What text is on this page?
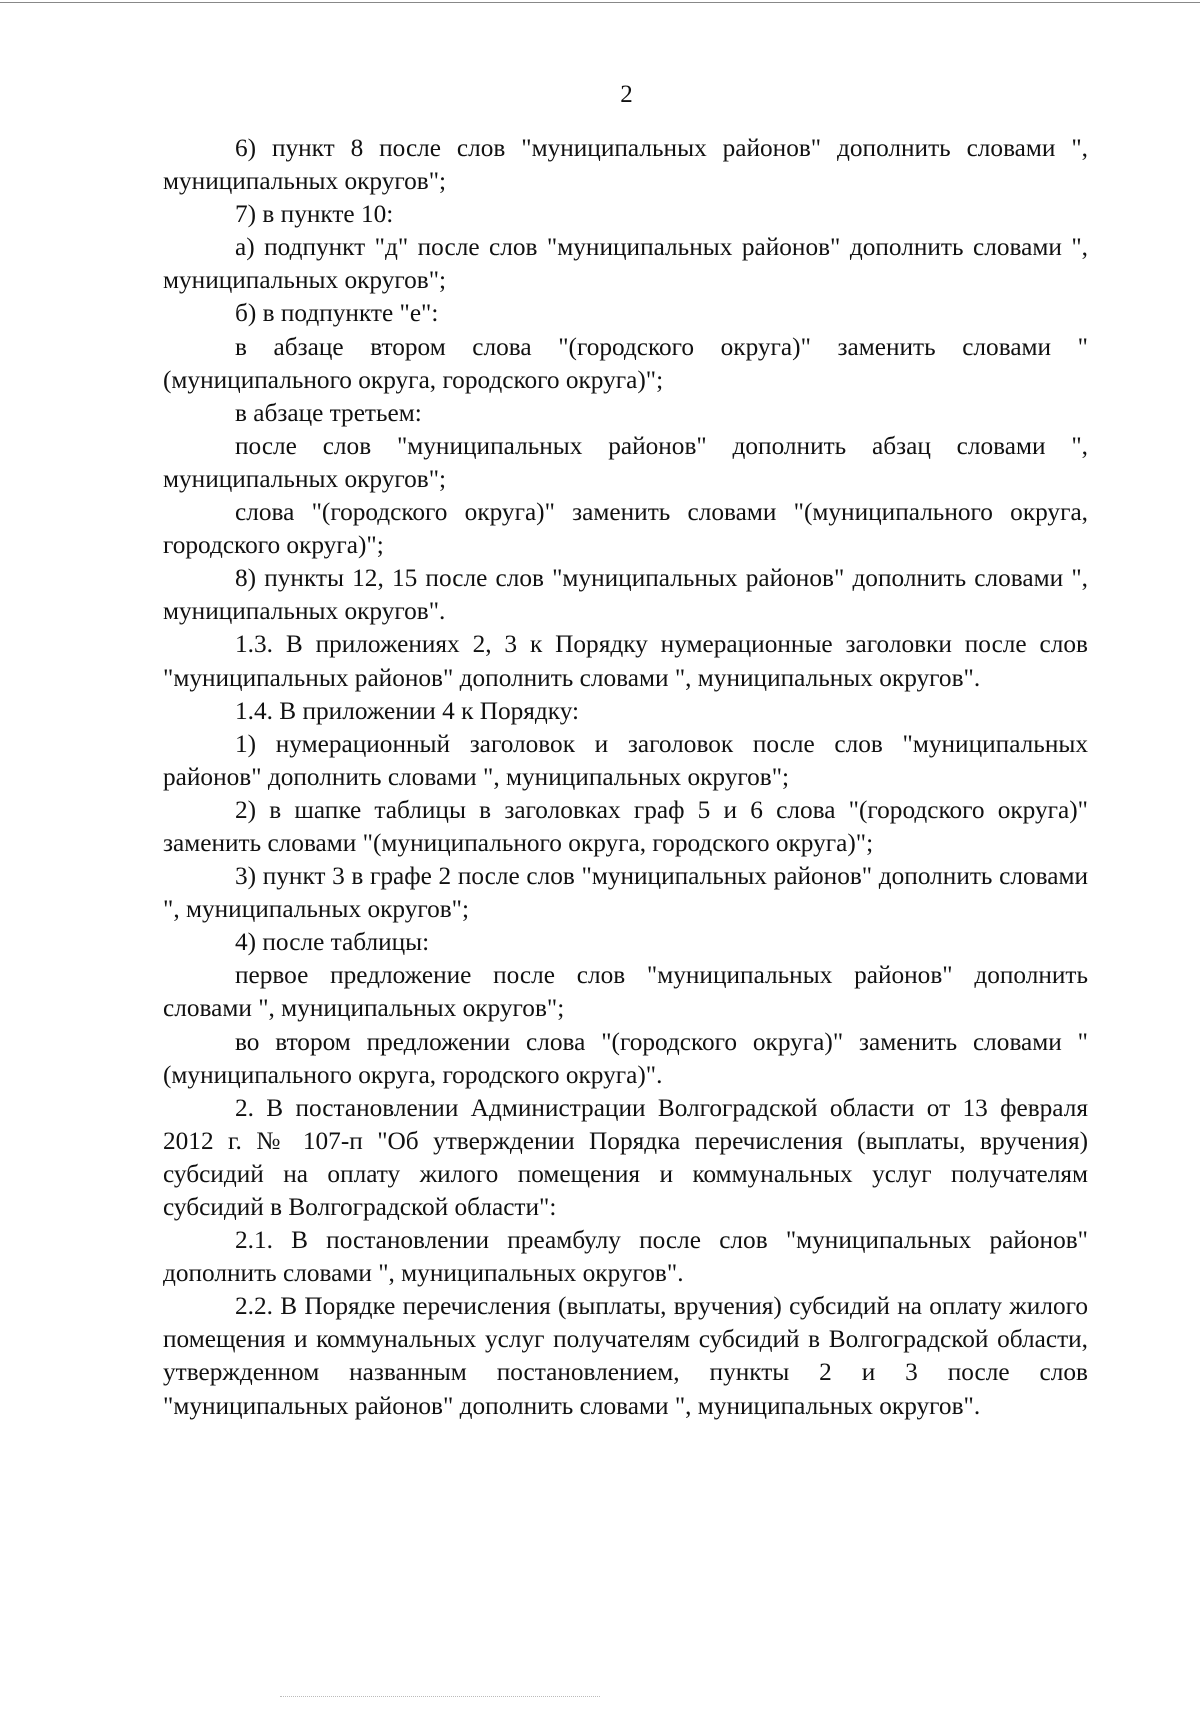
2

6) пункт 8 после слов "муниципальных районов" дополнить словами ", муниципальных округов";

7) в пункте 10:

а) подпункт "д" после слов "муниципальных районов" дополнить словами ", муниципальных округов";

б) в подпункте "е":

в абзаце втором слова "(городского округа)" заменить словами "(муниципального округа, городского округа)";

в абзаце третьем:

после слов "муниципальных районов" дополнить абзац словами ", муниципальных округов";

слова "(городского округа)" заменить словами "(муниципального округа, городского округа)";

8) пункты 12, 15 после слов "муниципальных районов" дополнить словами ", муниципальных округов".

1.3. В приложениях 2, 3 к Порядку нумерационные заголовки после слов "муниципальных районов" дополнить словами ", муниципальных округов".

1.4. В приложении 4 к Порядку:

1) нумерационный заголовок и заголовок после слов "муниципальных районов" дополнить словами ", муниципальных округов";

2) в шапке таблицы в заголовках граф 5 и 6 слова "(городского округа)" заменить словами "(муниципального округа, городского округа)";

3) пункт 3 в графе 2 после слов "муниципальных районов" дополнить словами ", муниципальных округов";

4) после таблицы:

первое предложение после слов "муниципальных районов" дополнить словами ", муниципальных округов";

во втором предложении слова "(городского округа)" заменить словами "(муниципального округа, городского округа)".

2. В постановлении Администрации Волгоградской области от 13 февраля 2012 г. № 107-п "Об утверждении Порядка перечисления (выплаты, вручения) субсидий на оплату жилого помещения и коммунальных услуг получателям субсидий в Волгоградской области":

2.1. В постановлении преамбулу после слов "муниципальных районов" дополнить словами ", муниципальных округов".

2.2. В Порядке перечисления (выплаты, вручения) субсидий на оплату жилого помещения и коммунальных услуг получателям субсидий в Волгоградской области, утвержденном названным постановлением, пункты 2 и 3 после слов "муниципальных районов" дополнить словами ", муниципальных округов".
